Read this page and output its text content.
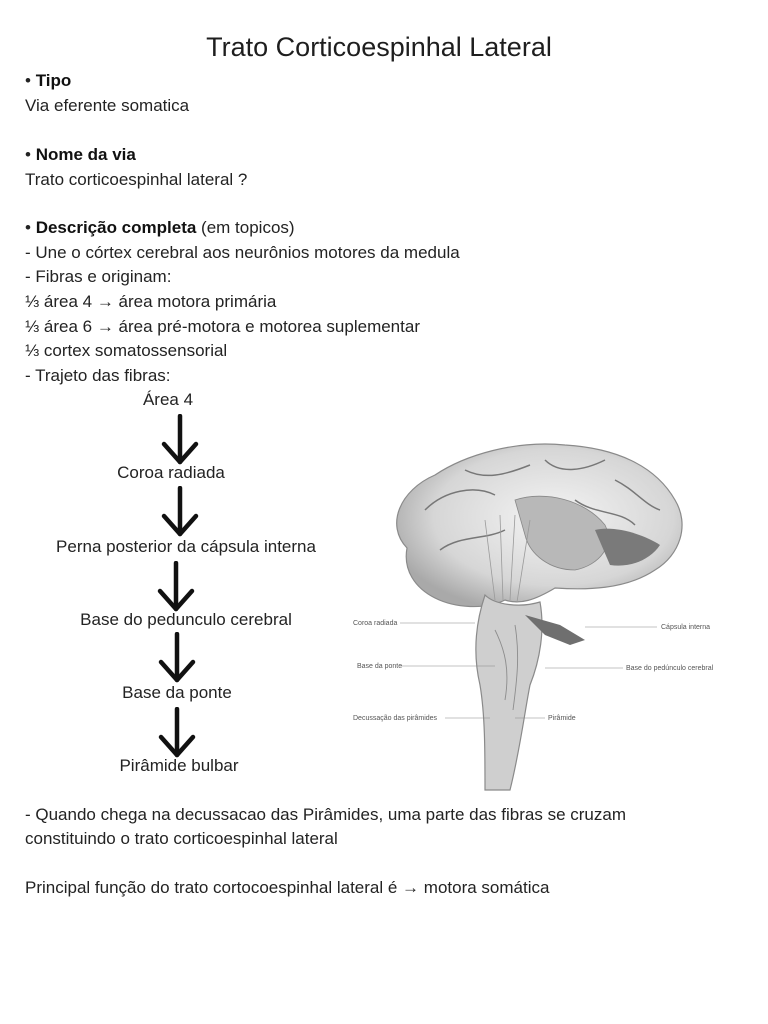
Trato Corticoespinhal Lateral
• Tipo
Via eferente somatica
• Nome da via
Trato corticoespinhal lateral ?
• Descrição completa (em topicos)
- Une o córtex cerebral aos neurônios motores da medula
- Fibras e originam:
⅓ área 4 → área motora primária
⅓ área 6 → área pré-motora e motorea suplementar
⅓ cortex somatossensorial
- Trajeto das fibras:
Área 4
Coroa radiada
Perna posterior da cápsula interna
Base do pedunculo cerebral
Base da ponte
Pirâmide bulbar
Coroa radiada
Cápsula interna
Base da ponte	Base do pedúnculo cerebral
Decussação das pirâmides	Pirâmide
- Quando chega na decussacao das Pirâmides, uma parte das fibras se cruzam
constituindo o trato corticoespinhal lateral
Principal função do trato cortocoespinhal lateral é → motora somática
